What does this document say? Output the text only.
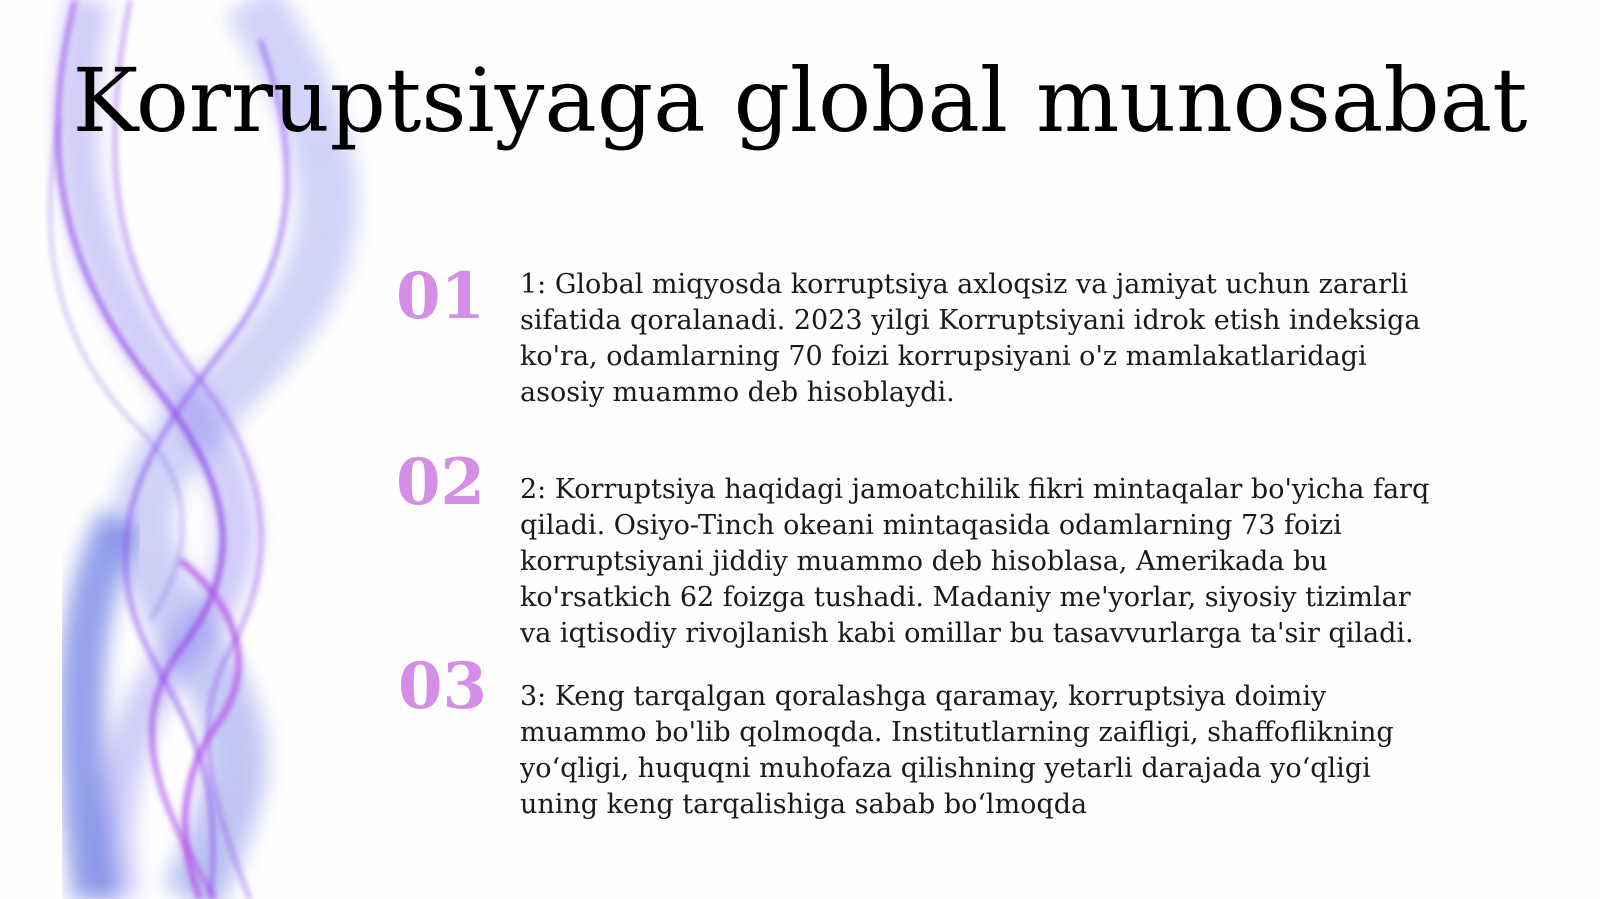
Korruptsiyaga global munosabat
01 1: Global miqyosda korruptsiya axloqsiz va jamiyat uchun zararli sifatida qoralanadi. 2023 yilgi Korruptsiyani idrok etish indeksiga ko'ra, odamlarning 70 foizi korrupsiyani o'z mamlakatlaridagi asosiy muammo deb hisoblaydi.
02 2: Korruptsiya haqidagi jamoatchilik fikri mintaqalar bo'yicha farq qiladi. Osiyo-Tinch okeani mintaqasida odamlarning 73 foizi korruptsiyani jiddiy muammo deb hisoblasa, Amerikada bu ko'rsatkich 62 foizga tushadi. Madaniy me'yorlar, siyosiy tizimlar va iqtisodiy rivojlanish kabi omillar bu tasavvurlarga ta'sir qiladi.
03 3: Keng tarqalgan qoralashga qaramay, korruptsiya doimiy muammo bo'lib qolmoqda. Institutlarning zaifligi, shaffoflikning yo‘qligi, huquqni muhofaza qilishning yetarli darajada yo‘qligi uning keng tarqalishiga sabab bo‘lmoqda
